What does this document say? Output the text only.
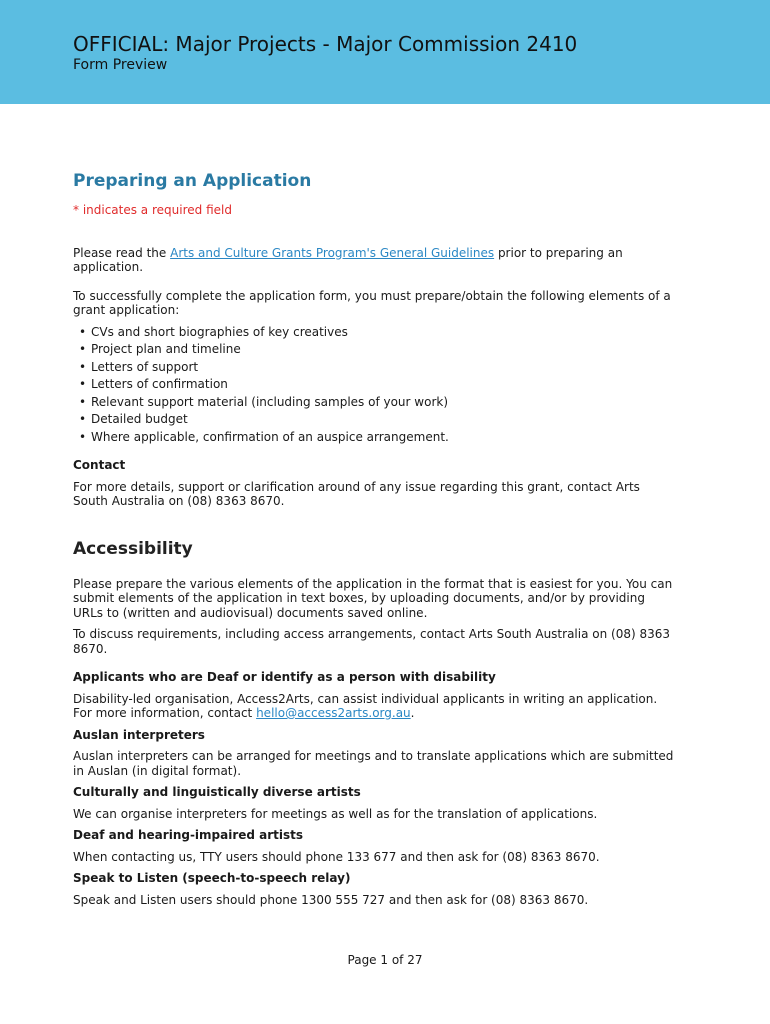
OFFICIAL: Major Projects - Major Commission 2410
Form Preview
Preparing an Application
* indicates a required field

Please read the Arts and Culture Grants Program's General Guidelines prior to preparing an application.

To successfully complete the application form, you must prepare/obtain the following elements of a grant application:

• CVs and short biographies of key creatives
• Project plan and timeline
• Letters of support
• Letters of confirmation
• Relevant support material (including samples of your work)
• Detailed budget
• Where applicable, confirmation of an auspice arrangement.

Contact

For more details, support or clarification around of any issue regarding this grant, contact Arts South Australia on (08) 8363 8670.

Accessibility

Please prepare the various elements of the application in the format that is easiest for you. You can submit elements of the application in text boxes, by uploading documents, and/or by providing URLs to (written and audiovisual) documents saved online.

To discuss requirements, including access arrangements, contact Arts South Australia on (08) 8363 8670.

Applicants who are Deaf or identify as a person with disability

Disability-led organisation, Access2Arts, can assist individual applicants in writing an application. For more information, contact hello@access2arts.org.au.

Auslan interpreters

Auslan interpreters can be arranged for meetings and to translate applications which are submitted in Auslan (in digital format).

Culturally and linguistically diverse artists

We can organise interpreters for meetings as well as for the translation of applications.

Deaf and hearing-impaired artists

When contacting us, TTY users should phone 133 677 and then ask for (08) 8363 8670.

Speak to Listen (speech-to-speech relay)

Speak and Listen users should phone 1300 555 727 and then ask for (08) 8363 8670.

Page 1 of 27
